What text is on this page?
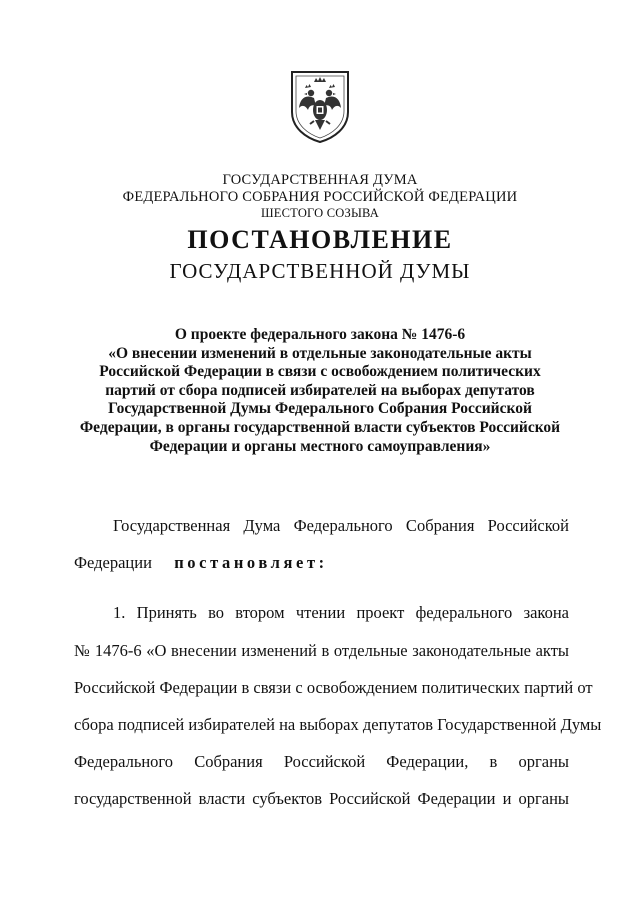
ГОСУДАРСТВЕННАЯ ДУМА
ФЕДЕРАЛЬНОГО СОБРАНИЯ РОССИЙСКОЙ ФЕДЕРАЦИИ
ШЕСТОГО СОЗЫВА
ПОСТАНОВЛЕНИЕ
ГОСУДАРСТВЕННОЙ ДУМЫ
О проекте федерального закона № 1476-6
«О внесении изменений в отдельные законодательные акты
Российской Федерации в связи с освобождением политических
партий от сбора подписей избирателей на выборах депутатов
Государственной Думы Федерального Собрания Российской
Федерации, в органы государственной власти субъектов Российской
Федерации и органы местного самоуправления»
Государственная Дума Федерального Собрания Российской
Федерации постановляет:
1. Принять во втором чтении проект федерального закона
№ 1476-6 «О внесении изменений в отдельные законодательные акты
Российской Федерации в связи с освобождением политических партий от
сбора подписей избирателей на выборах депутатов Государственной Думы
Федерального Собрания Российской Федерации, в органы
государственной власти субъектов Российской Федерации и органы
